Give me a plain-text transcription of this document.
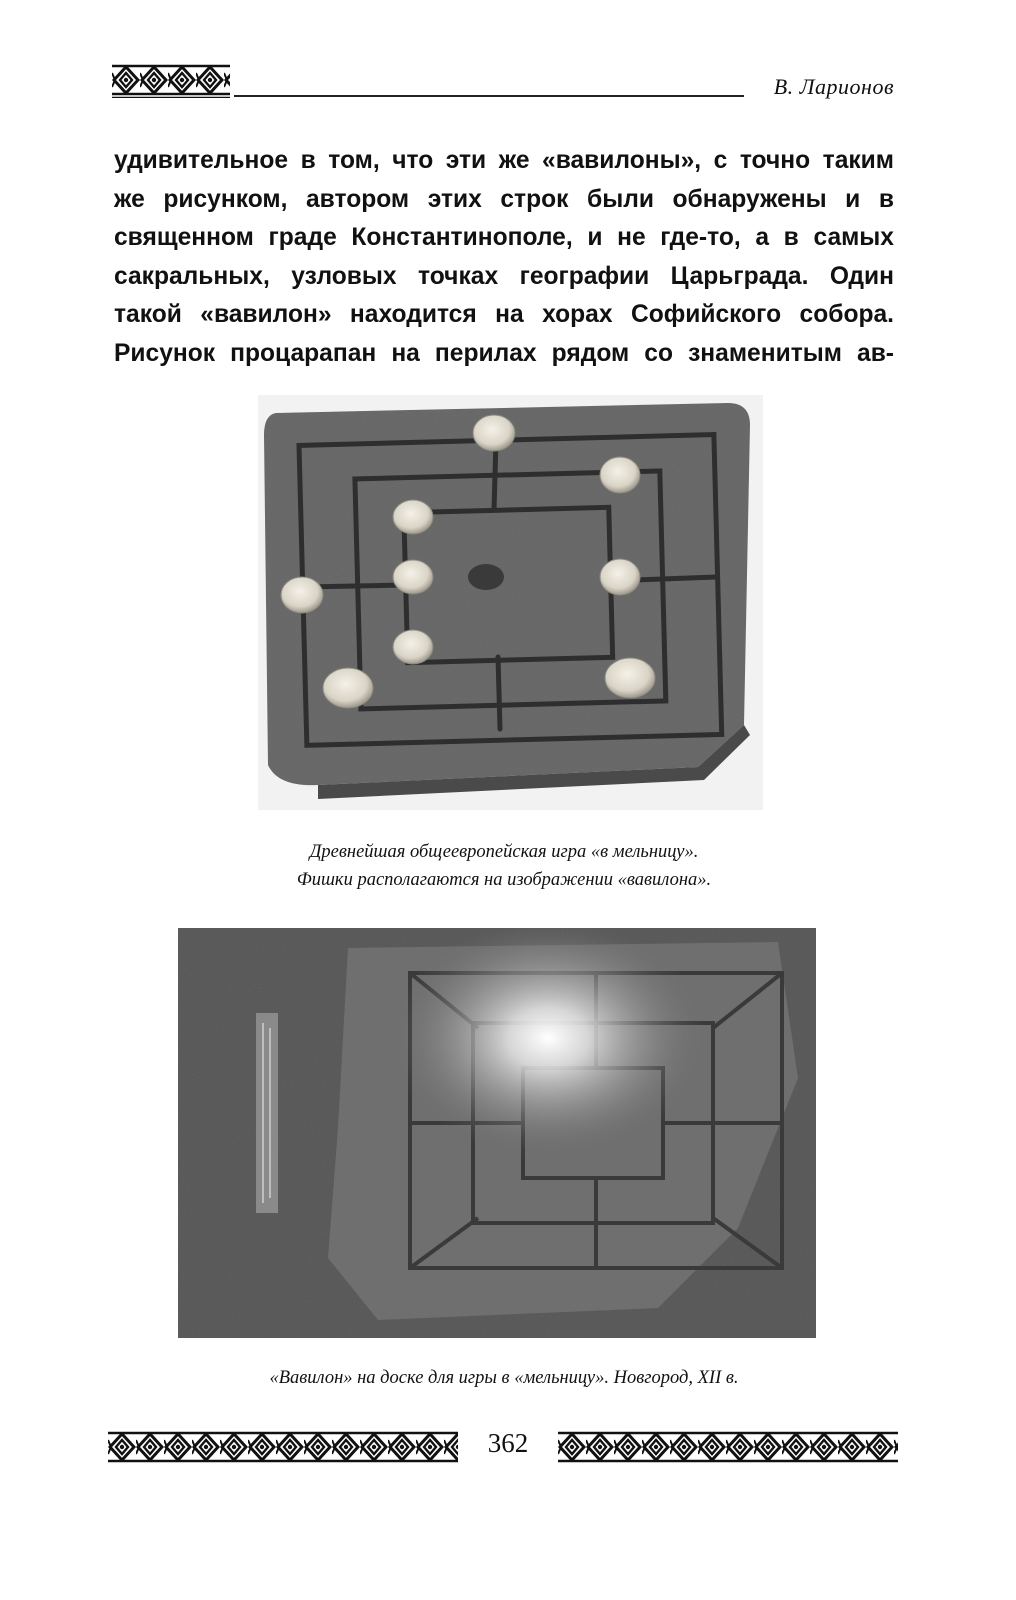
В. Ларионов
удивительное в том, что эти же «вавилоны», с точно таким
же рисунком, автором этих строк были обнаружены и в
священном граде Константинополе, и не где-то, а в самых
сакральных, узловых точках географии Царьграда. Один
такой «вавилон» находится на хорах Софийского собора.
Рисунок процарапан на перилах рядом со знаменитым ав-
Древнейшая общеевропейская игра «в мельницу».
Фишки располагаются на изображении «вавилона».
«Вавилон» на доске для игры в «мельницу». Новгород, XII в.
362
